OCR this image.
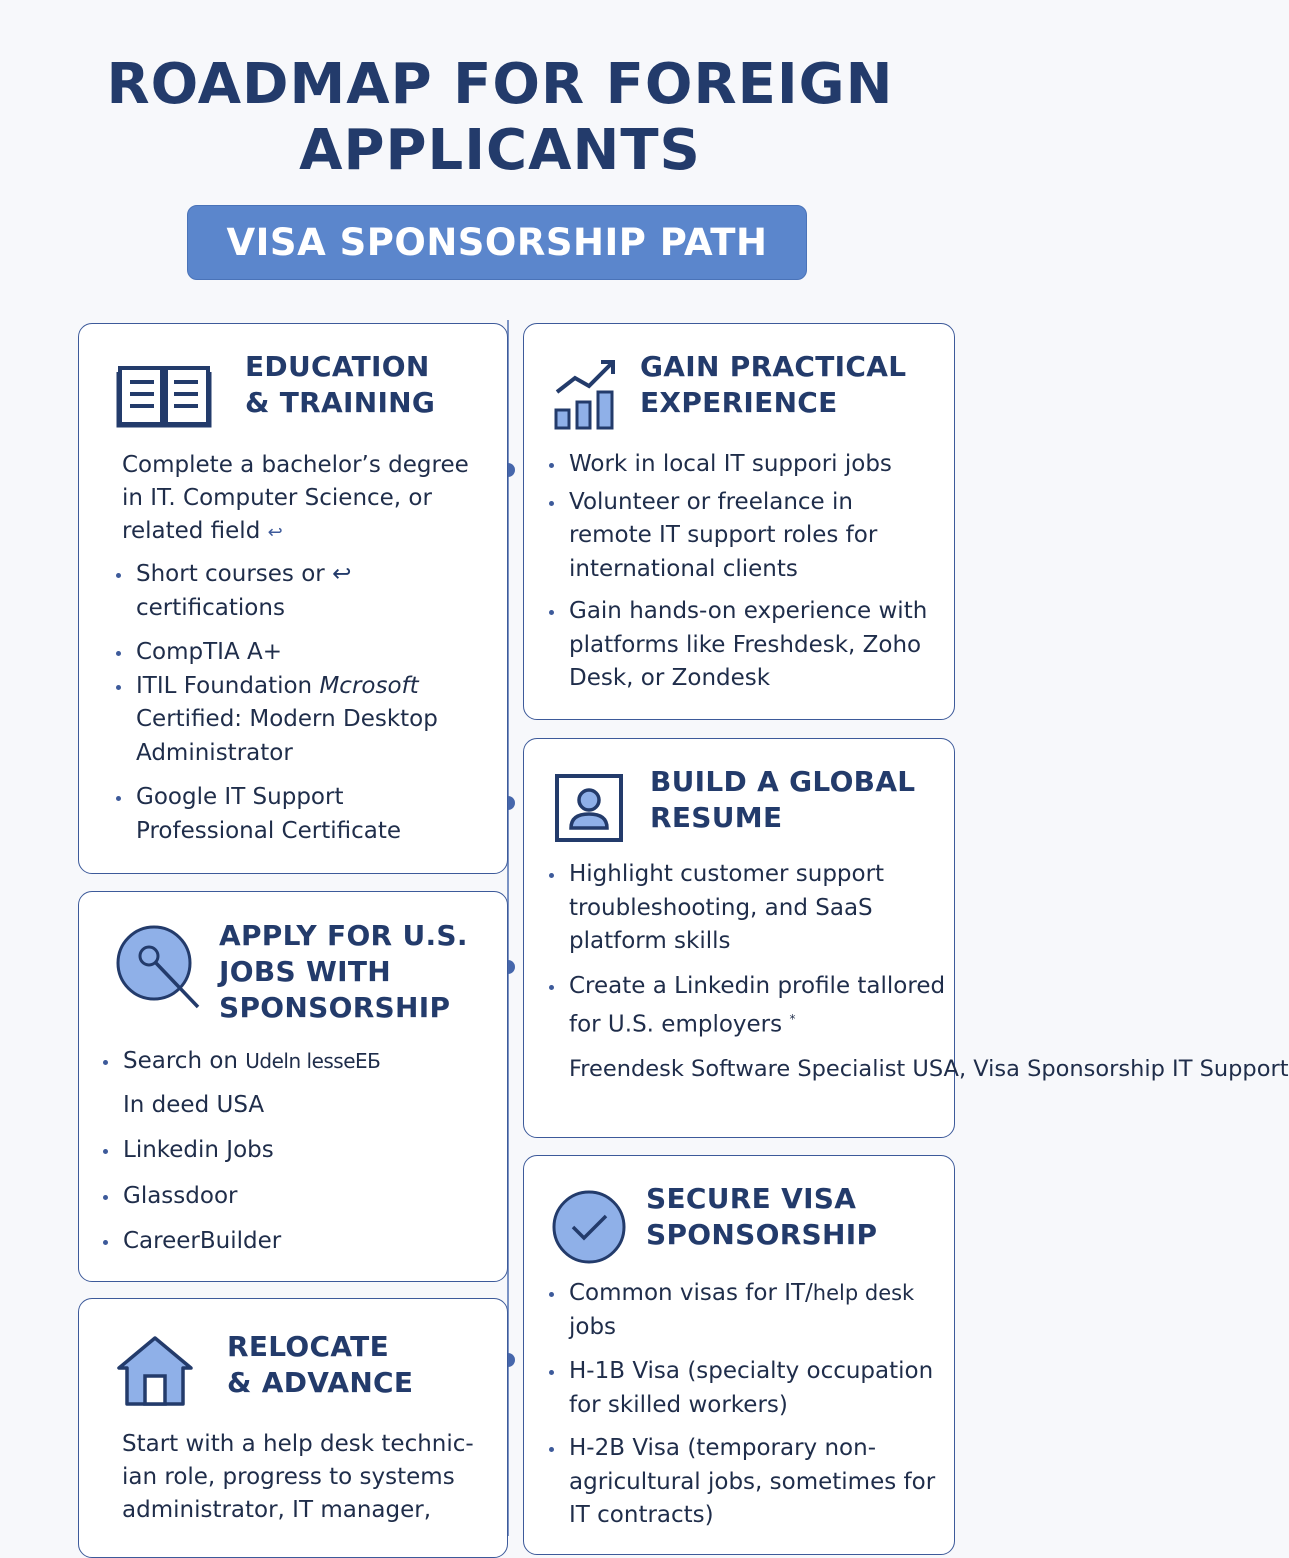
ROADMAP FOR FOREIGN
APPLICANTS
VISA SPONSORSHIP PATH
EDUCATION
& TRAINING
Complete a bachelor’s degree in IT. Computer Science, or related field ↩
Short courses or ↩
certifications
CompTIA A+
ITIL Foundation Mcrosoft
Certified: Modern Desktop
Administrator
Google IT Support
Professional Certificate
GAIN PRACTICAL
EXPERIENCE
Work in local IT suppori jobs
Volunteer or freelance in remote IT support roles for international clients
Gain hands-on experience with platforms like Freshdesk, Zoho Desk, or Zondesk
BUILD A GLOBAL
RESUME
Highlight customer support troubleshooting, and SaaS platform skills
Create a Linkedin profile tallored for U.S. employers *
Freendesk Software Specialist USA, Visa Sponsorship IT Support
APPLY FOR U.S.
JOBS WITH
SPONSORSHIP
Search on Udeln lesseEБ
In deed USA
Linkedin Jobs
Glassdoor
CareerBuilder
SECURE VISA
SPONSORSHIP
Common visas for IT/help desk
jobs
H-1B Visa (specialty occupation for skilled workers)
H-2B Visa (temporary non-agricultural jobs, sometimes for IT contracts)
RELOCATE
& ADVANCE
Start with a help desk technic- ian role, progress to systems administrator, IT manager,
